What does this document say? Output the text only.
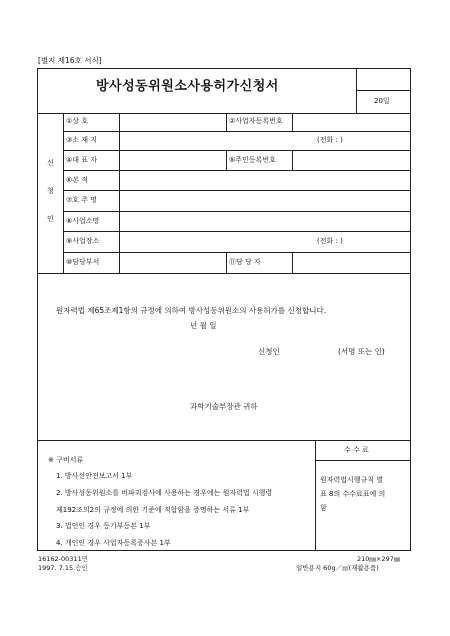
[별지 제16호 서식]
방사성동위원소사용허가신청서
20일
신
청
인
①상 호	②사업자등록번호
③소 재 지	(전화 : )
④대 표 자	⑤주민등록번호
⑥본 적
⑦호 주 명
⑧사업소명
⑨사업장소	(전화 : )
⑩담당부서	⑪담 당 자
원자력법 제65조제1항의 규정에 의하여 방사성동위원소의 사용허가를 신청합니다.
년 월 일
신청인	(서명 또는 인)
과학기술부장관 귀하
※ 구비서류
1. 방사선안전보고서 1부
2. 방사성동위원소를 비파괴검사에 사용하는 경우에는 원자력법 시행령
제192조의2의 규정에 의한 기준에 적합함을 증명하는 서류 1부
3. 법인인 경우 등기부등본 1부
4. 개인인 경우 사업자등록증사본 1부
수 수 료
원자력법시행규칙 별
표 8의 수수료표에 의
함
16162-00311민
1997. 7.15.승인
210㎜×297㎜
일반용지 60g／㎡(재활용품)
